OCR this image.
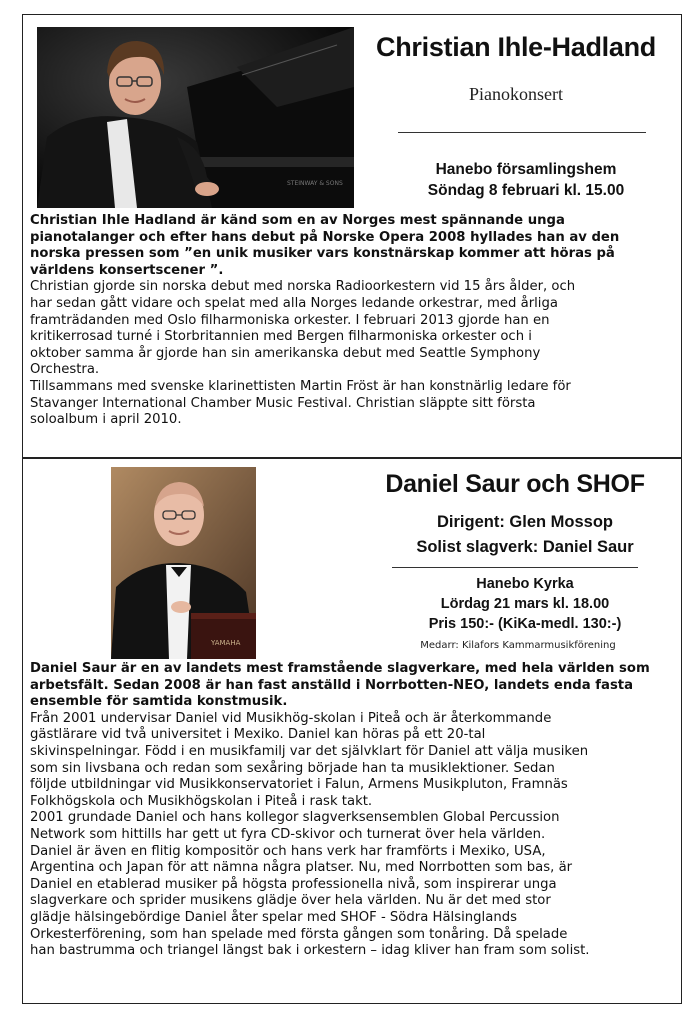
STEINWAY & SONS
Christian Ihle-Hadland
Pianokonsert
Hanebo församlingshem
Söndag 8 februari kl. 15.00
Christian Ihle Hadland är känd som en av Norges mest spännande unga
pianotalanger och efter hans debut på Norske Opera 2008 hyllades han av den
norska pressen som ”en unik musiker vars konstnärskap kommer att höras på
världens konsertscener ”.
Christian gjorde sin norska debut med norska Radioorkestern vid 15 års ålder, och
har sedan gått vidare och spelat med alla Norges ledande orkestrar, med årliga
framträdanden med Oslo filharmoniska orkester. I februari 2013 gjorde han en
kritikerrosad turné i Storbritannien med Bergen filharmoniska orkester och i
oktober samma år gjorde han sin amerikanska debut med Seattle Symphony
Orchestra.
Tillsammans med svenske klarinettisten Martin Fröst är han konstnärlig ledare för
Stavanger International Chamber Music Festival. Christian släppte sitt första
soloalbum i april 2010.
YAMAHA
Daniel Saur och SHOF
Dirigent: Glen Mossop
Solist slagverk: Daniel Saur
Hanebo Kyrka
Lördag 21 mars kl. 18.00
Pris 150:- (KiKa-medl. 130:-)
Medarr: Kilafors Kammarmusikförening
Daniel Saur är en av landets mest framstående slagverkare, med hela världen som
arbetsfält. Sedan 2008 är han fast anställd i Norrbotten-NEO, landets enda fasta
ensemble för samtida konstmusik.
Från 2001 undervisar Daniel vid Musikhög-skolan i Piteå och är återkommande
gästlärare vid två universitet i Mexiko. Daniel kan höras på ett 20-tal
skivinspelningar. Född i en musikfamilj var det självklart för Daniel att välja musiken
som sin livsbana och redan som sexåring började han ta musiklektioner. Sedan
följde utbildningar vid Musikkonservatoriet i Falun, Armens Musikpluton, Framnäs
Folkhögskola och Musikhögskolan i Piteå i rask takt.
2001 grundade Daniel och hans kollegor slagverksensemblen Global Percussion
Network som hittills har gett ut fyra CD-skivor och turnerat över hela världen.
Daniel är även en flitig kompositör och hans verk har framförts i Mexiko, USA,
Argentina och Japan för att nämna några platser. Nu, med Norrbotten som bas, är
Daniel en etablerad musiker på högsta professionella nivå, som inspirerar unga
slagverkare och sprider musikens glädje över hela världen. Nu är det med stor
glädje hälsingebördige Daniel åter spelar med SHOF - Södra Hälsinglands
Orkesterförening, som han spelade med första gången som tonåring. Då spelade
han bastrumma och triangel längst bak i orkestern – idag kliver han fram som solist.
